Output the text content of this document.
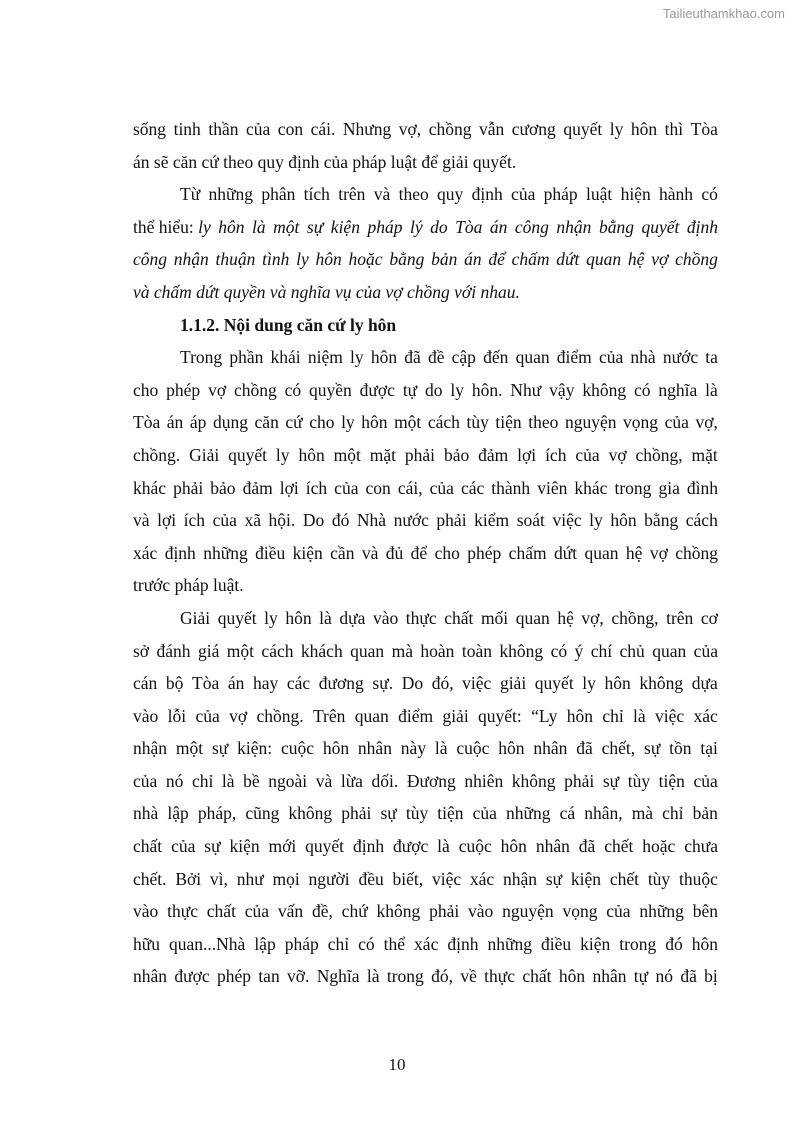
Tailieuthamkhao.com
sống tinh thần của con cái. Nhưng vợ, chồng vẫn cương quyết ly hôn thì Tòa
án sẽ căn cứ theo quy định của pháp luật để giải quyết.
Từ những phân tích trên và theo quy định của pháp luật hiện hành có
thể hiểu: ly hôn là một sự kiện pháp lý do Tòa án công nhận bằng quyết định
công nhận thuận tình ly hôn hoặc bằng bản án để chấm dứt quan hệ vợ chồng
và chấm dứt quyền và nghĩa vụ của vợ chồng với nhau.
1.1.2. Nội dung căn cứ ly hôn
Trong phần khái niệm ly hôn đã đề cập đến quan điểm của nhà nước ta
cho phép vợ chồng có quyền được tự do ly hôn. Như vậy không có nghĩa là
Tòa án áp dụng căn cứ cho ly hôn một cách tùy tiện theo nguyện vọng của vợ,
chồng. Giải quyết ly hôn một mặt phải bảo đảm lợi ích của vợ chồng, mặt
khác phải bảo đảm lợi ích của con cái, của các thành viên khác trong gia đình
và lợi ích của xã hội. Do đó Nhà nước phải kiểm soát việc ly hôn bằng cách
xác định những điều kiện cần và đủ để cho phép chấm dứt quan hệ vợ chồng
trước pháp luật.
Giải quyết ly hôn là dựa vào thực chất mối quan hệ vợ, chồng, trên cơ
sở đánh giá một cách khách quan mà hoàn toàn không có ý chí chủ quan của
cán bộ Tòa án hay các đương sự. Do đó, việc giải quyết ly hôn không dựa
vào lỗi của vợ chồng. Trên quan điểm giải quyết: “Ly hôn chỉ là việc xác
nhận một sự kiện: cuộc hôn nhân này là cuộc hôn nhân đã chết, sự tồn tại
của nó chỉ là bề ngoài và lừa dối. Đương nhiên không phải sự tùy tiện của
nhà lập pháp, cũng không phải sự tùy tiện của những cá nhân, mà chỉ bản
chất của sự kiện mới quyết định được là cuộc hôn nhân đã chết hoặc chưa
chết. Bởi vì, như mọi người đều biết, việc xác nhận sự kiện chết tùy thuộc
vào thực chất của vấn đề, chứ không phải vào nguyện vọng của những bên
hữu quan...Nhà lập pháp chỉ có thể xác định những điều kiện trong đó hôn
nhân được phép tan vỡ. Nghĩa là trong đó, về thực chất hôn nhân tự nó đã bị
10
